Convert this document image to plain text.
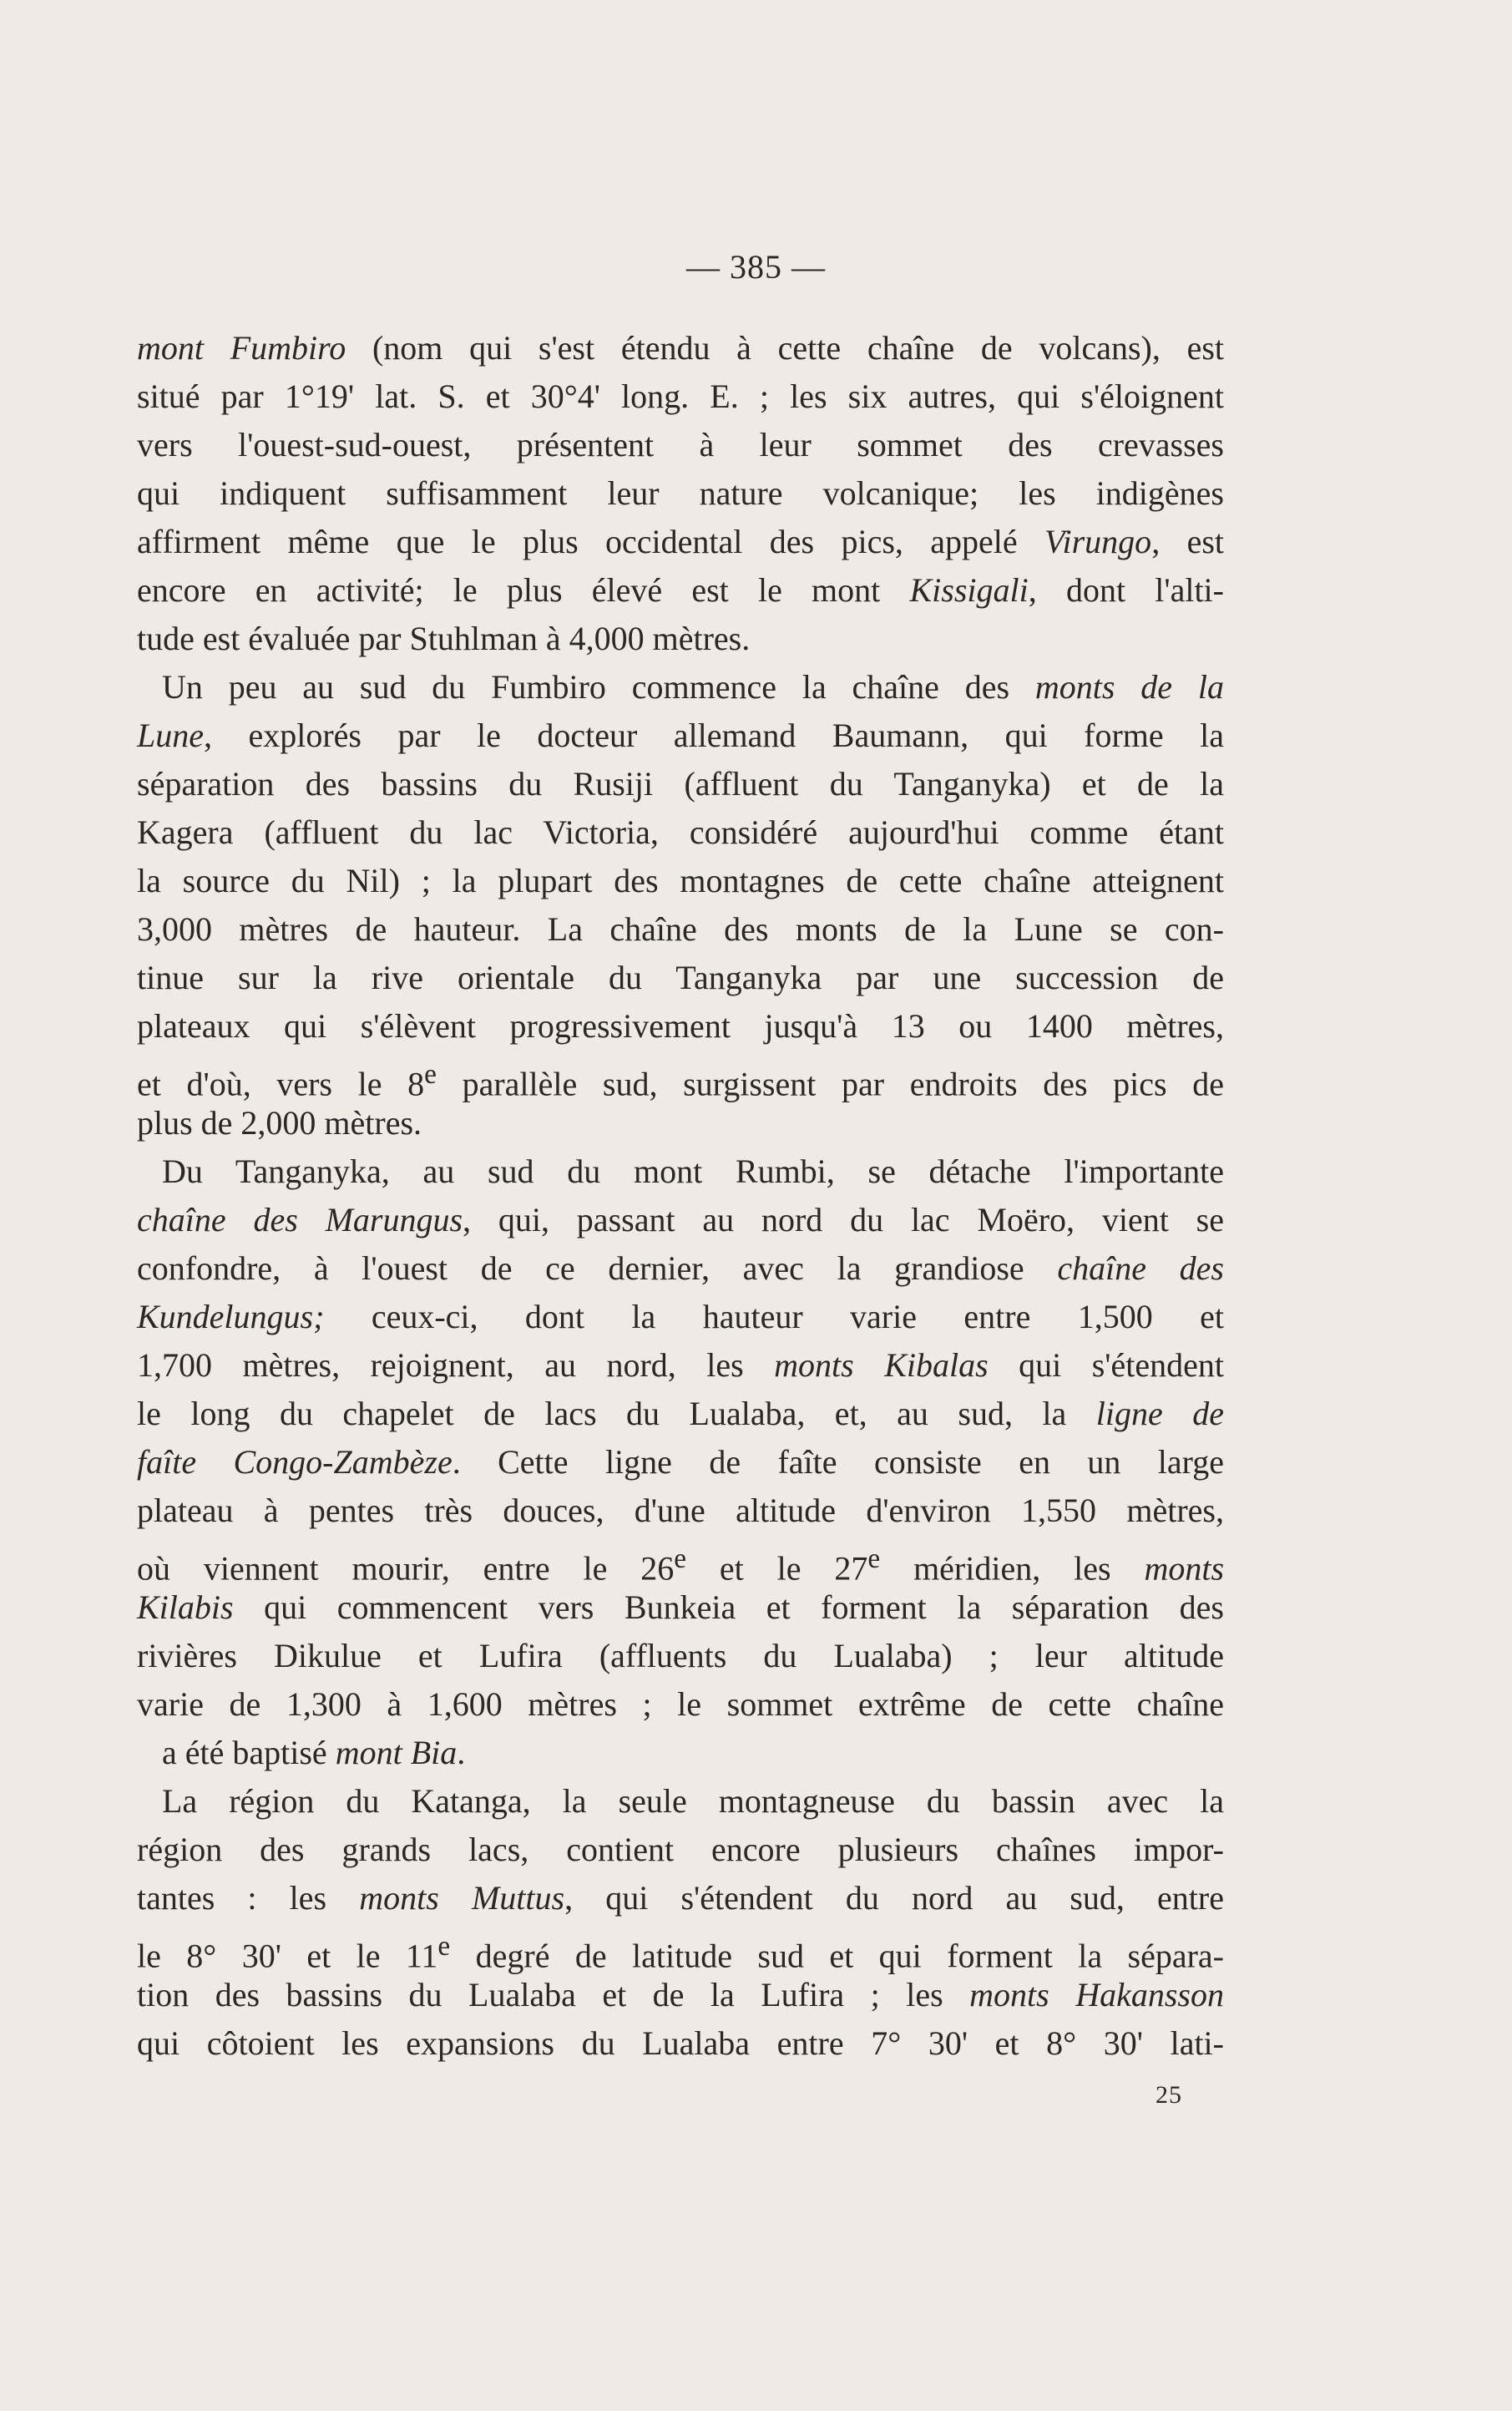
— 385 —
mont Fumbiro (nom qui s'est étendu à cette chaîne de volcans), est
situé par 1°19' lat. S. et 30°4' long. E. ; les six autres, qui s'éloignent
vers l'ouest-sud-ouest, présentent à leur sommet des crevasses
qui indiquent suffisamment leur nature volcanique; les indigènes
affirment même que le plus occidental des pics, appelé Virungo, est
encore en activité; le plus élevé est le mont Kissigali, dont l'alti-
tude est évaluée par Stuhlman à 4,000 mètres.
Un peu au sud du Fumbiro commence la chaîne des monts de la
Lune, explorés par le docteur allemand Baumann, qui forme la
séparation des bassins du Rusiji (affluent du Tanganyka) et de la
Kagera (affluent du lac Victoria, considéré aujourd'hui comme étant
la source du Nil) ; la plupart des montagnes de cette chaîne atteignent
3,000 mètres de hauteur. La chaîne des monts de la Lune se con-
tinue sur la rive orientale du Tanganyka par une succession de
plateaux qui s'élèvent progressivement jusqu'à 13 ou 1400 mètres,
et d'où, vers le 8e parallèle sud, surgissent par endroits des pics de
plus de 2,000 mètres.
Du Tanganyka, au sud du mont Rumbi, se détache l'importante
chaîne des Marungus, qui, passant au nord du lac Moëro, vient se
confondre, à l'ouest de ce dernier, avec la grandiose chaîne des
Kundelungus; ceux-ci, dont la hauteur varie entre 1,500 et
1,700 mètres, rejoignent, au nord, les monts Kibalas qui s'étendent
le long du chapelet de lacs du Lualaba, et, au sud, la ligne de
faîte Congo-Zambèze. Cette ligne de faîte consiste en un large
plateau à pentes très douces, d'une altitude d'environ 1,550 mètres,
où viennent mourir, entre le 26e et le 27e méridien, les monts
Kilabis qui commencent vers Bunkeia et forment la séparation des
rivières Dikulue et Lufira (affluents du Lualaba) ; leur altitude
varie de 1,300 à 1,600 mètres ; le sommet extrême de cette chaîne
a été baptisé mont Bia.
La région du Katanga, la seule montagneuse du bassin avec la
région des grands lacs, contient encore plusieurs chaînes impor-
tantes : les monts Muttus, qui s'étendent du nord au sud, entre
le 8° 30' et le 11e degré de latitude sud et qui forment la sépara-
tion des bassins du Lualaba et de la Lufira ; les monts Hakansson
qui côtoient les expansions du Lualaba entre 7° 30' et 8° 30' lati-
25
